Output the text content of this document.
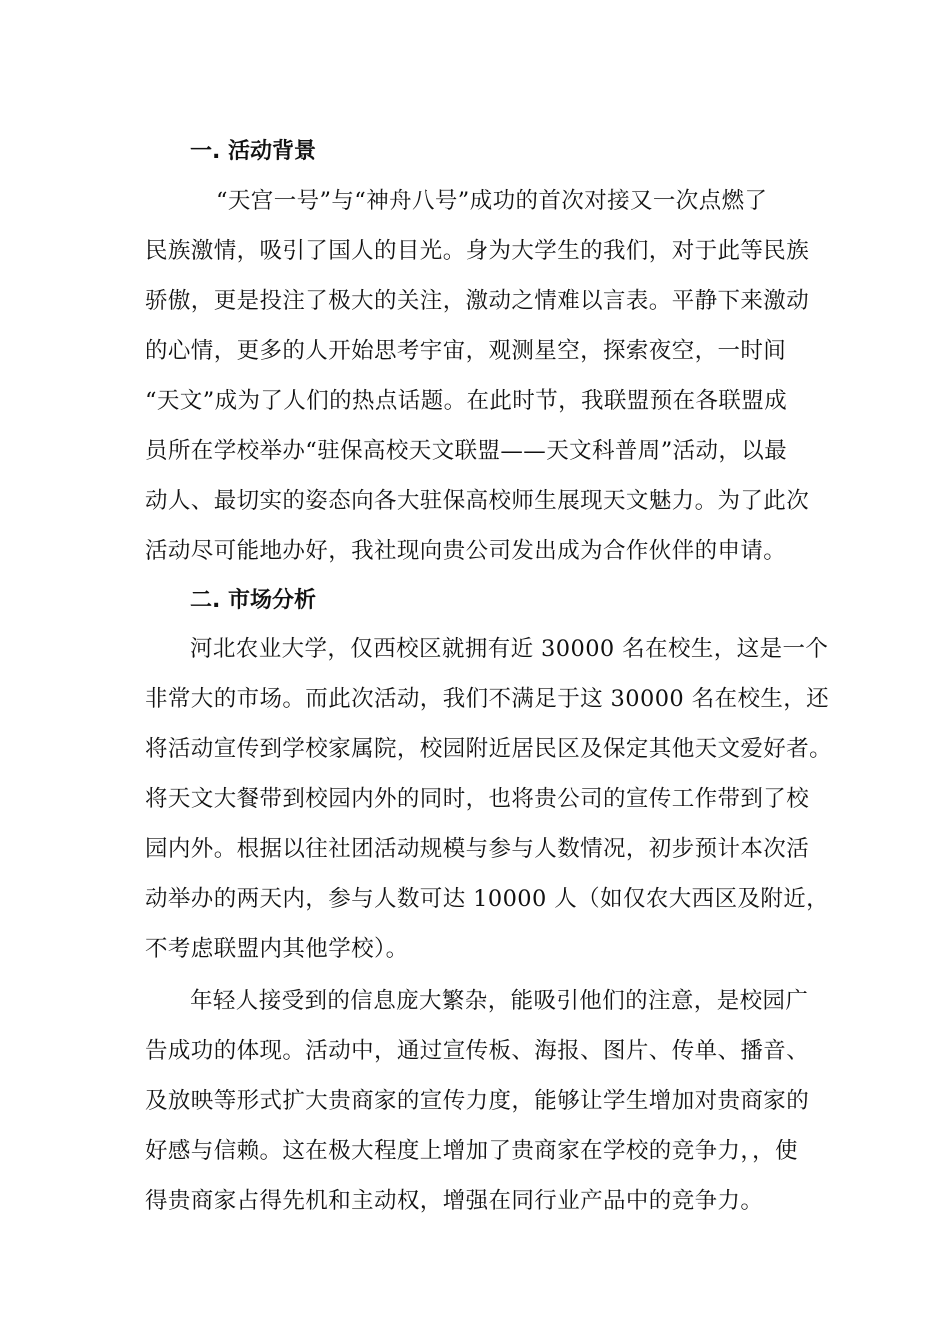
一. 活动背景
“天宫一号”与“神舟八号”成功的首次对接又一次点燃了
民族激情，吸引了国人的目光。身为大学生的我们，对于此等民族
骄傲，更是投注了极大的关注，激动之情难以言表。平静下来激动
的心情，更多的人开始思考宇宙，观测星空，探索夜空，一时间
“天文”成为了人们的热点话题。在此时节，我联盟预在各联盟成
员所在学校举办“驻保高校天文联盟——天文科普周”活动，以最
动人、最切实的姿态向各大驻保高校师生展现天文魅力。为了此次
活动尽可能地办好，我社现向贵公司发出成为合作伙伴的申请。
二. 市场分析
河北农业大学，仅西校区就拥有近 30000 名在校生，这是一个
非常大的市场。而此次活动，我们不满足于这 30000 名在校生，还
将活动宣传到学校家属院，校园附近居民区及保定其他天文爱好者。
将天文大餐带到校园内外的同时，也将贵公司的宣传工作带到了校
园内外。根据以往社团活动规模与参与人数情况，初步预计本次活
动举办的两天内，参与人数可达 10000 人（如仅农大西区及附近，
不考虑联盟内其他学校）。
年轻人接受到的信息庞大繁杂，能吸引他们的注意，是校园广
告成功的体现。活动中，通过宣传板、海报、图片、传单、播音、
及放映等形式扩大贵商家的宣传力度，能够让学生增加对贵商家的
好感与信赖。这在极大程度上增加了贵商家在学校的竞争力，，使
得贵商家占得先机和主动权，增强在同行业产品中的竞争力。
